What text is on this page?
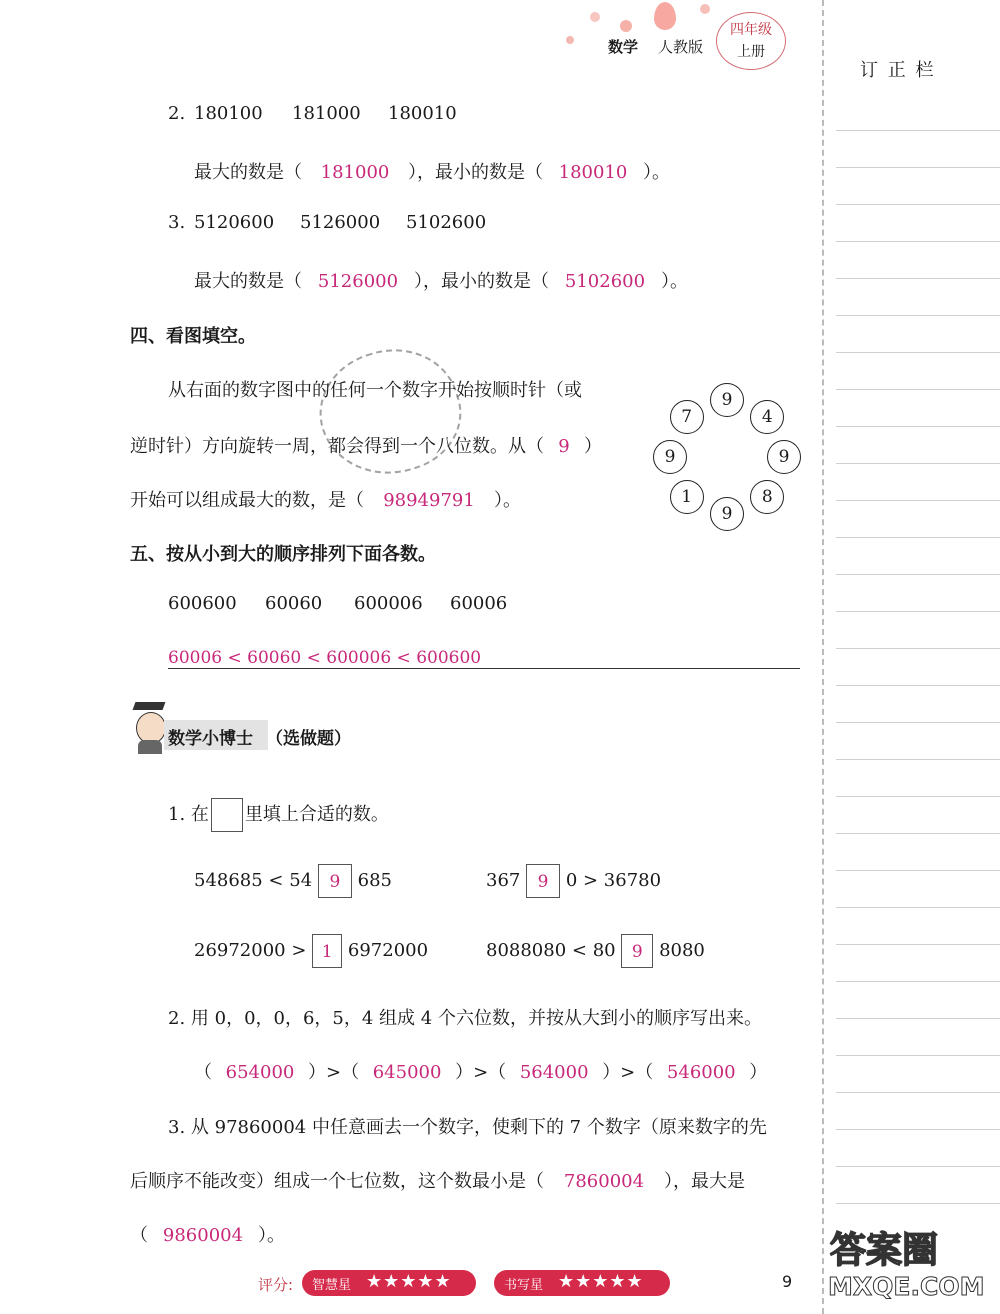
数学 人教版
四年级
上册
订 正 栏
2. 180100 181000 180010
最大的数是（ 181000 ），最小的数是（ 180010 ）。
3. 5120600 5126000 5102600
最大的数是（ 5126000 ），最小的数是（ 5102600 ）。
四、看图填空。
从右面的数字图中的任何一个数字开始按顺时针（或
逆时针）方向旋转一周，都会得到一个八位数。从（ 9 ）
开始可以组成最大的数，是（ 98949791 ）。
9
4
9
8
9
1
9
7
五、按从小到大的顺序排列下面各数。
600600 60060 600006 60006
60006 < 60060 < 600006 < 600600
数学小博士 （选做题）
1. 在 里填上合适的数。
548685 < 54 9 685	367 9 0 > 36780
26972000 > 1 6972000	8088080 < 80 9 8080
2. 用 0，0，0，6，5，4 组成 4 个六位数，并按从大到小的顺序写出来。
（ 654000 ）>（ 645000 ）>（ 564000 ）>（ 546000 ）
3. 从 97860004 中任意画去一个数字，使剩下的 7 个数字（原来数字的先
后顺序不能改变）组成一个七位数，这个数最小是（ 7860004 ），最大是
（ 9860004 ）。
评分: 智慧星 ★★★★★	书写星 ★★★★★	9
答案圈
MXQE.COM
